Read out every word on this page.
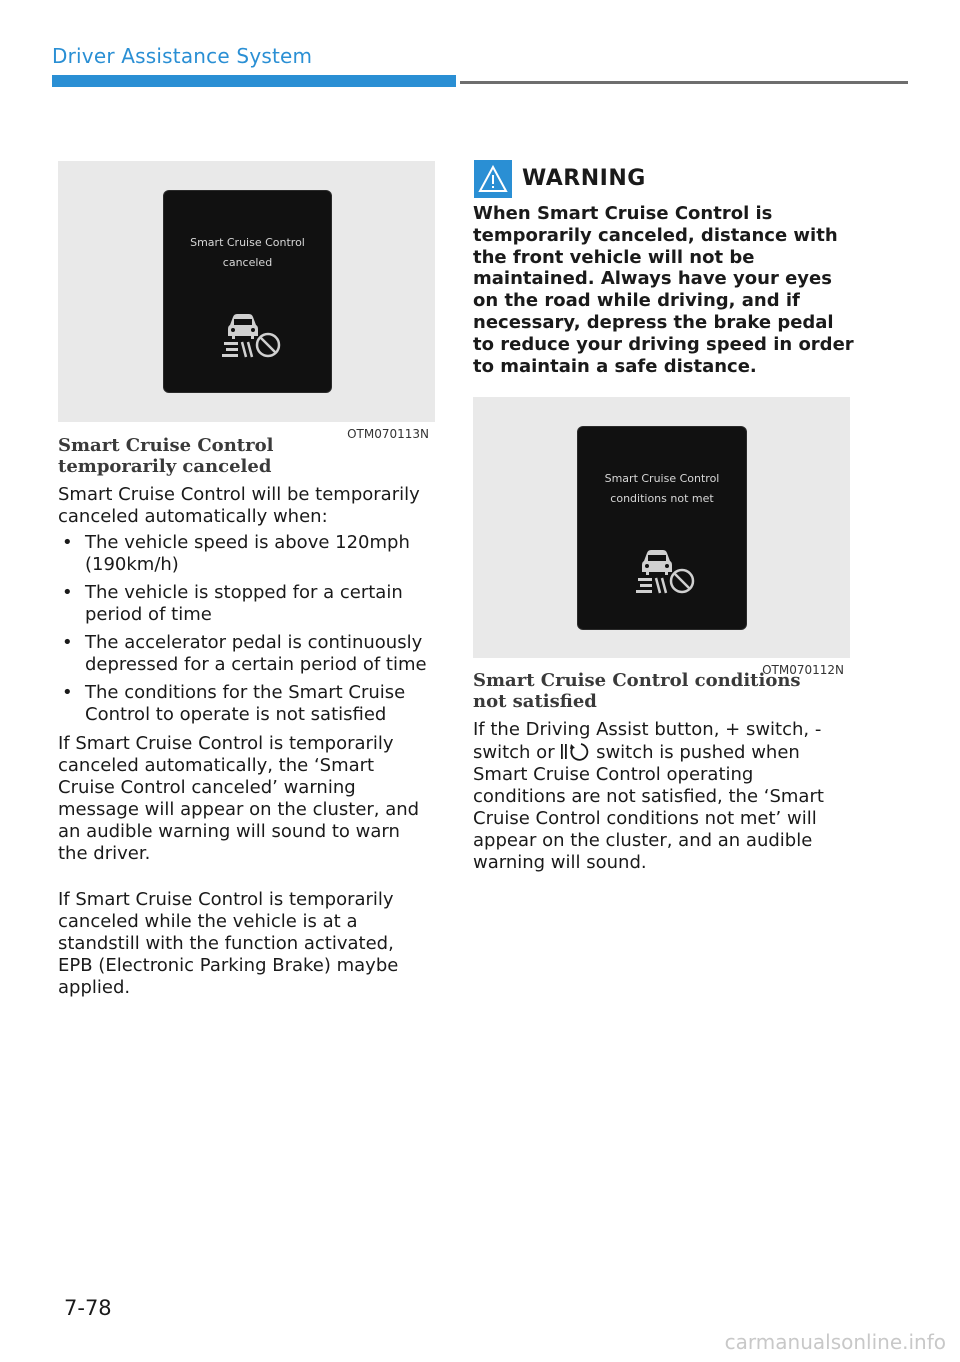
Driver Assistance System
Smart Cruise Control
canceled
OTM070113N
Smart Cruise Control temporarily canceled
Smart Cruise Control will be temporarily canceled automatically when:
• The vehicle speed is above 120mph (190km/h)
• The vehicle is stopped for a certain period of time
• The accelerator pedal is continuously depressed for a certain period of time
• The conditions for the Smart Cruise Control to operate is not satisfied
If Smart Cruise Control is temporarily canceled automatically, the ‘Smart Cruise Control canceled’ warning message will appear on the cluster, and an audible warning will sound to warn the driver.
If Smart Cruise Control is temporarily canceled while the vehicle is at a standstill with the function activated, EPB (Electronic Parking Brake) maybe applied.
WARNING
When Smart Cruise Control is temporarily canceled, distance with the front vehicle will not be maintained. Always have your eyes on the road while driving, and if necessary, depress the brake pedal to reduce your driving speed in order to maintain a safe distance.
Smart Cruise Control
conditions not met
OTM070112N
Smart Cruise Control conditions not satisfied
If the Driving Assist button, + switch, - switch or switch is pushed when Smart Cruise Control operating conditions are not satisfied, the ‘Smart Cruise Control conditions not met’ will appear on the cluster, and an audible warning will sound.
7-78
carmanualsonline.info
